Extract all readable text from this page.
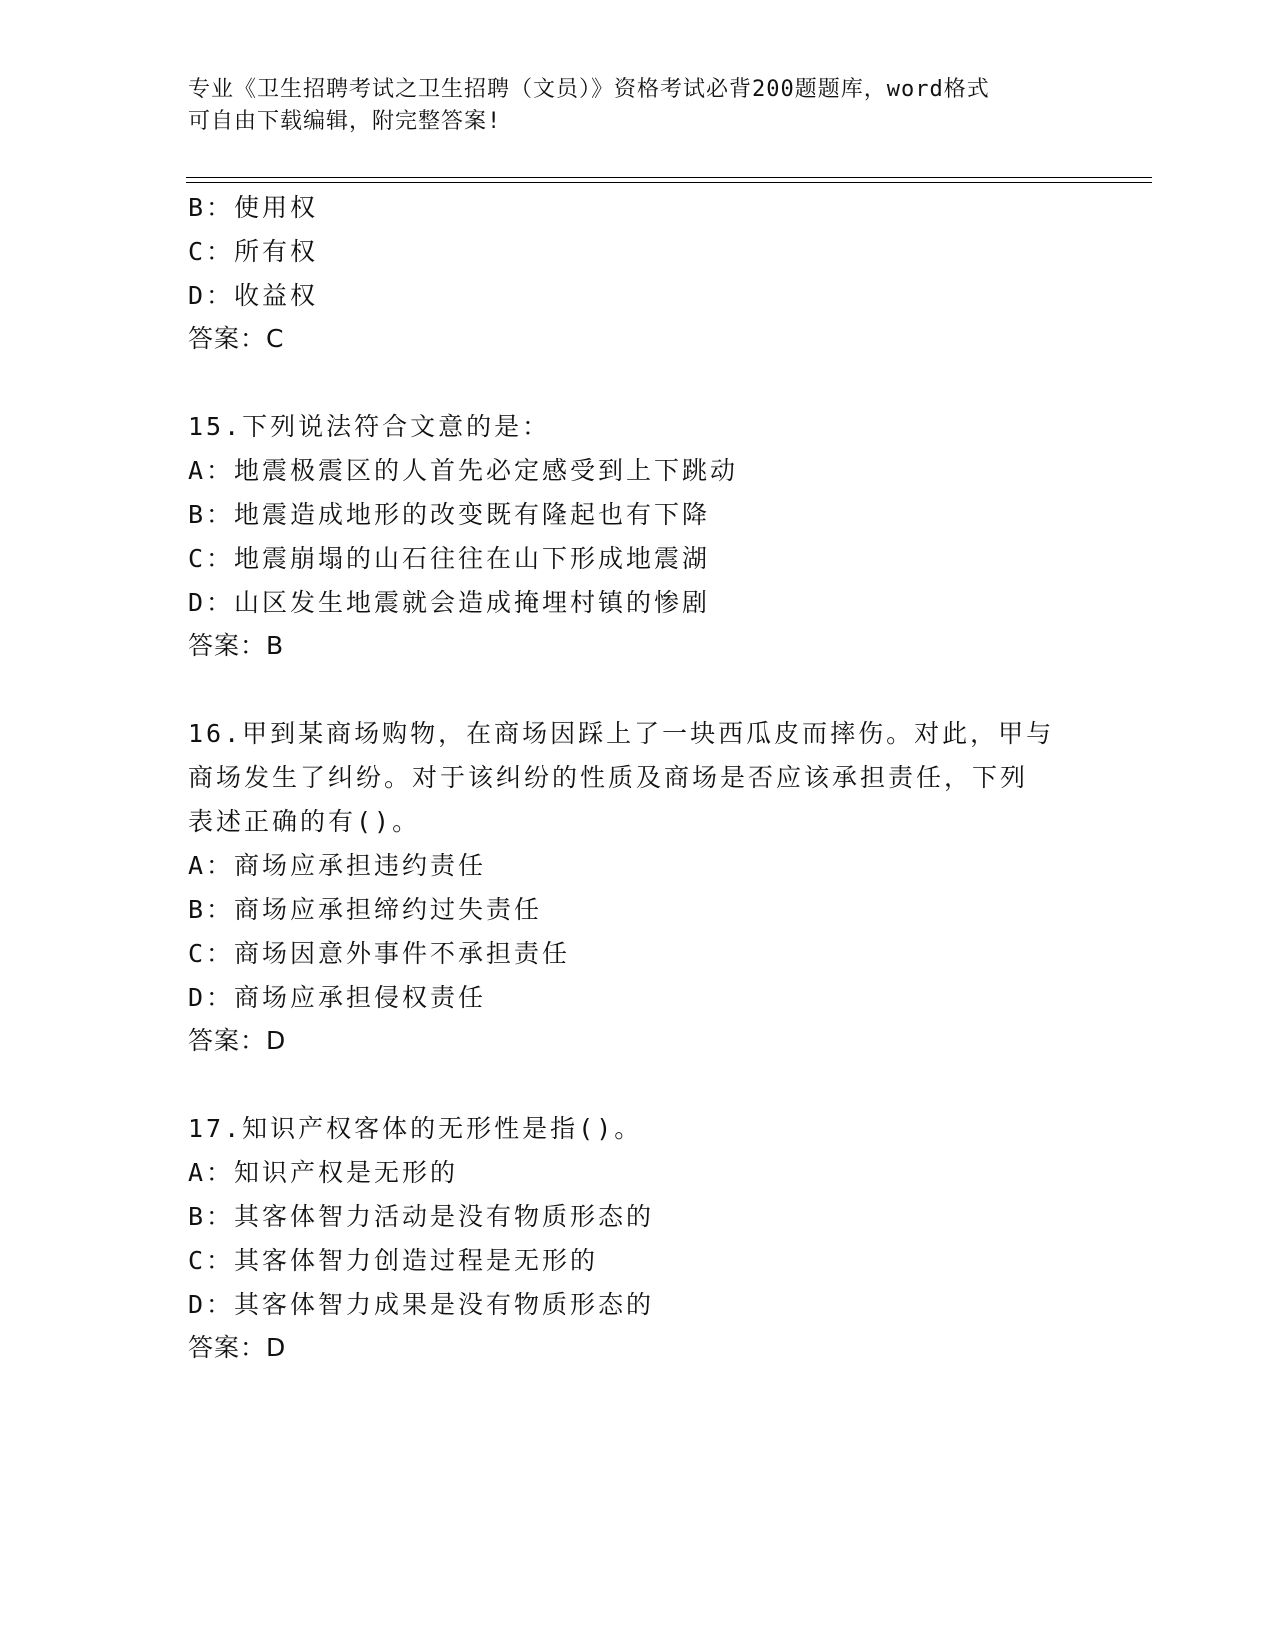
专业《卫生招聘考试之卫生招聘（文员）》资格考试必背200题题库，word格式
可自由下载编辑，附完整答案!
B：使用权
C：所有权
D：收益权
答案：C
15.下列说法符合文意的是：
A：地震极震区的人首先必定感受到上下跳动
B：地震造成地形的改变既有隆起也有下降
C：地震崩塌的山石往往在山下形成地震湖
D：山区发生地震就会造成掩埋村镇的惨剧
答案：B
16.甲到某商场购物，在商场因踩上了一块西瓜皮而摔伤。对此，甲与
商场发生了纠纷。对于该纠纷的性质及商场是否应该承担责任，下列
表述正确的有()。
A：商场应承担违约责任
B：商场应承担缔约过失责任
C：商场因意外事件不承担责任
D：商场应承担侵权责任
答案：D
17.知识产权客体的无形性是指()。
A：知识产权是无形的
B：其客体智力活动是没有物质形态的
C：其客体智力创造过程是无形的
D：其客体智力成果是没有物质形态的
答案：D
